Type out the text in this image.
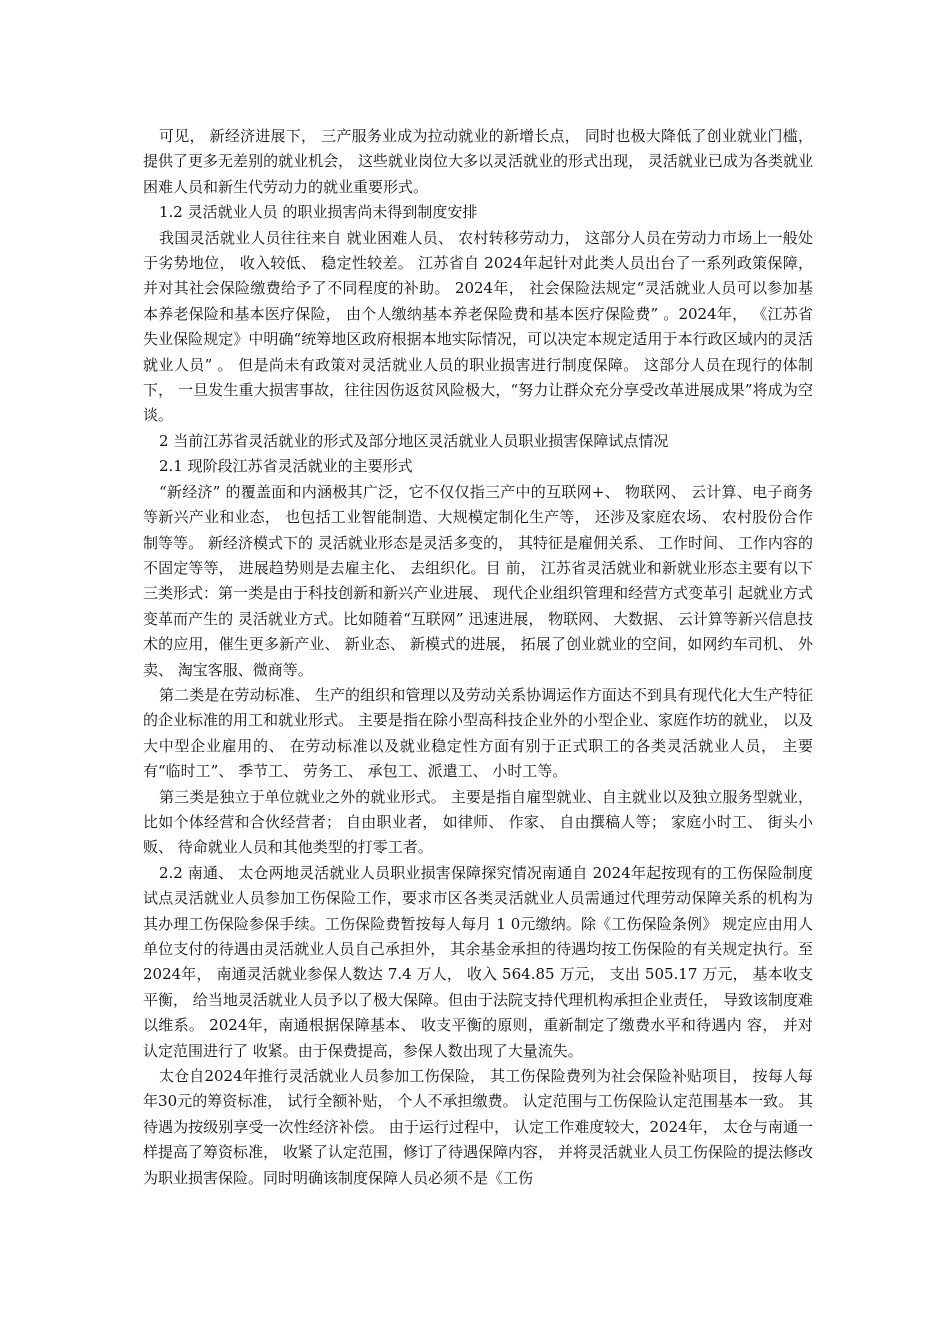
可见， 新经济进展下， 三产服务业成为拉动就业的新增长点， 同时也极大降低了创业就业门槛， 提供了更多无差别的就业机会， 这些就业岗位大多以灵活就业的形式出现， 灵活就业已成为各类就业困难人员和新生代劳动力的就业重要形式。

1.2 灵活就业人员 的职业损害尚未得到制度安排

我国灵活就业人员往往来自 就业困难人员、 农村转移劳动力， 这部分人员在劳动力市场上一般处于劣势地位， 收入较低、 稳定性较差。 江苏省自 2024年起针对此类人员出台了一系列政策保障， 并对其社会保险缴费给予了不同程度的补助。 2024年， 社会保险法规定“灵活就业人员可以参加基本养老保险和基本医疗保险， 由个人缴纳基本养老保险费和基本医疗保险费” 。2024年， 《江苏省失业保险规定》中明确“统筹地区政府根据本地实际情况，可以决定本规定适用于本行政区域内的灵活就业人员” 。 但是尚未有政策对灵活就业人员的职业损害进行制度保障。 这部分人员在现行的体制下， 一旦发生重大损害事故，往往因伤返贫风险极大，“努力让群众充分享受改革进展成果”将成为空谈。

2 当前江苏省灵活就业的形式及部分地区灵活就业人员职业损害保障试点情况

2.1 现阶段江苏省灵活就业的主要形式

“新经济” 的覆盖面和内涵极其广泛，它不仅仅指三产中的互联网+、 物联网、 云计算、电子商务等新兴产业和业态， 也包括工业智能制造、大规模定制化生产等， 还涉及家庭农场、 农村股份合作制等等。 新经济模式下的 灵活就业形态是灵活多变的， 其特征是雇佣关系、 工作时间、 工作内容的不固定等等， 进展趋势则是去雇主化、 去组织化。目 前， 江苏省灵活就业和新就业形态主要有以下三类形式：第一类是由于科技创新和新兴产业进展、 现代企业组织管理和经营方式变革引 起就业方式变革而产生的 灵活就业方式。比如随着“互联网” 迅速进展， 物联网、 大数据、 云计算等新兴信息技术的应用，催生更多新产业、 新业态、 新模式的进展， 拓展了创业就业的空间，如网约车司机、 外卖、 淘宝客服、微商等。

第二类是在劳动标准、 生产的组织和管理以及劳动关系协调运作方面达不到具有现代化大生产特征的企业标准的用工和就业形式。 主要是指在除小型高科技企业外的小型企业、家庭作坊的就业， 以及大中型企业雇用的、 在劳动标准以及就业稳定性方面有别于正式职工的各类灵活就业人员， 主要有“临时工”、 季节工、 劳务工、 承包工、派遣工、 小时工等。

第三类是独立于单位就业之外的就业形式。 主要是指自雇型就业、自主就业以及独立服务型就业， 比如个体经营和合伙经营者； 自由职业者， 如律师、 作家、 自由撰稿人等； 家庭小时工、 街头小贩、 待命就业人员和其他类型的打零工者。

2.2 南通、 太仓两地灵活就业人员职业损害保障探究情况南通自 2024年起按现有的工伤保险制度试点灵活就业人员参加工伤保险工作，要求市区各类灵活就业人员需通过代理劳动保障关系的机构为其办理工伤保险参保手续。工伤保险费暂按每人每月 1 0元缴纳。除《工伤保险条例》 规定应由用人单位支付的待遇由灵活就业人员自己承担外， 其余基金承担的待遇均按工伤保险的有关规定执行。至 2024年， 南通灵活就业参保人数达 7.4 万人， 收入 564.85 万元， 支出 505.17 万元， 基本收支平衡， 给当地灵活就业人员予以了极大保障。但由于法院支持代理机构承担企业责任， 导致该制度难以维系。 2024年，南通根据保障基本、 收支平衡的原则，重新制定了缴费水平和待遇内 容， 并对认定范围进行了 收紧。由于保费提高，参保人数出现了大量流失。

太仓自2024年推行灵活就业人员参加工伤保险， 其工伤保险费列为社会保险补贴项目， 按每人每年30元的筹资标准， 试行全额补贴， 个人不承担缴费。 认定范围与工伤保险认定范围基本一致。 其待遇为按级别享受一次性经济补偿。 由于运行过程中， 认定工作难度较大，2024年， 太仓与南通一样提高了筹资标准， 收紧了认定范围，修订了待遇保障内容， 并将灵活就业人员工伤保险的提法修改为职业损害保险。同时明确该制度保障人员必须不是《工伤
